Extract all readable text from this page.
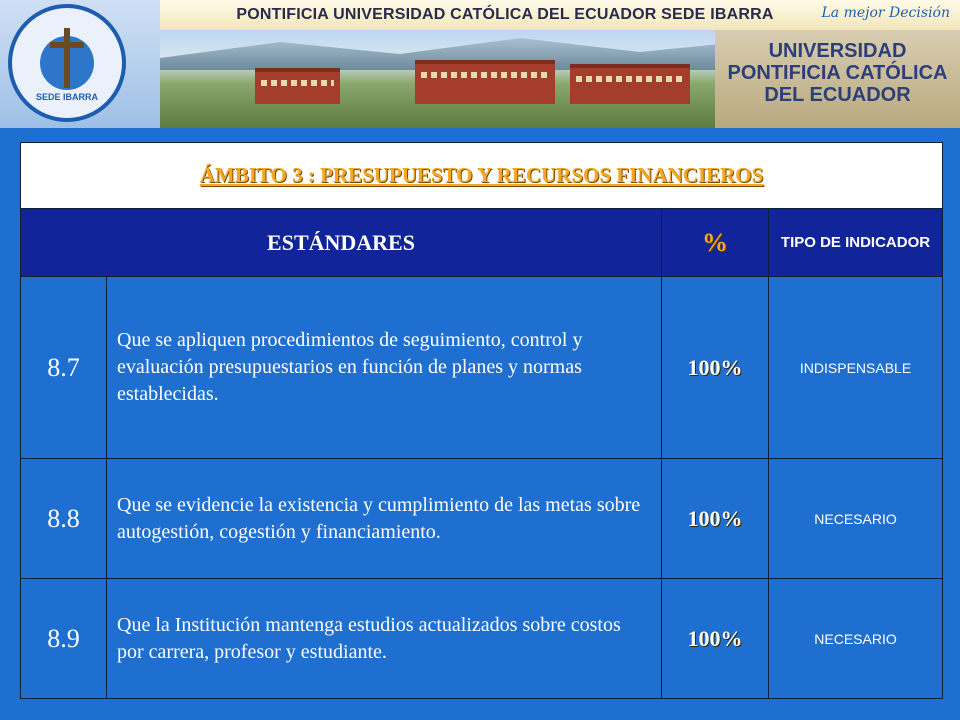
UNIVERSIDAD PONTIFICIA CATÓLICA DEL ECUADOR
PONTIFICIA UNIVERSIDAD CATÓLICA DEL ECUADOR SEDE IBARRA	La mejor Decisión
SEDE IBARRA
ÁMBITO 3 : PRESUPUESTO Y RECURSOS FINANCIEROS			
ESTÁNDARES		%	TIPO DE INDICADOR
8.7	Que se apliquen procedimientos de seguimiento, control y evaluación presupuestarios en función de planes y normas establecidas.	100%	INDISPENSABLE
8.8	Que se evidencie la existencia y cumplimiento de las metas sobre autogestión, cogestión y financiamiento.	100%	NECESARIO
8.9	Que la Institución mantenga estudios actualizados sobre costos por carrera, profesor y estudiante.	100%	NECESARIO
